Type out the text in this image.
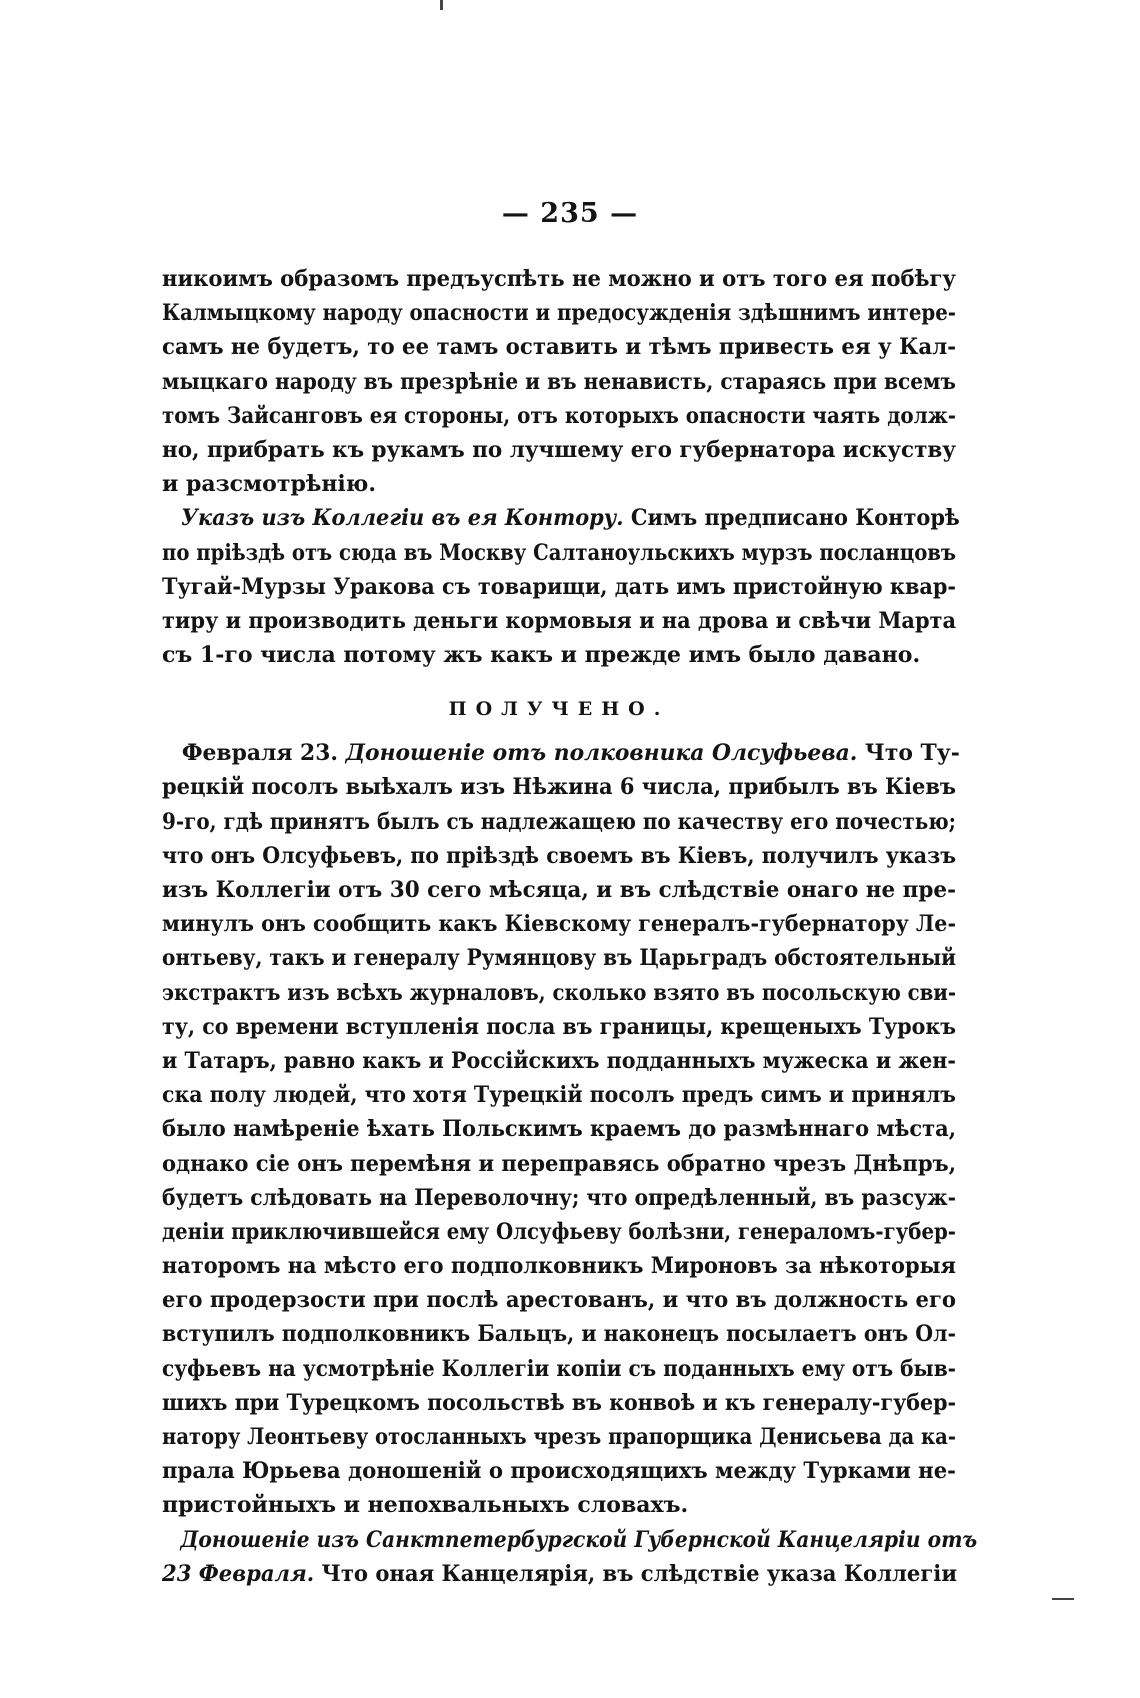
— 235 —
никоимъ образомъ предъуспѣть не можно и отъ того ея побѣгу
Калмыцкому народу опасности и предосужденія здѣшнимъ интере-
самъ не будетъ, то ее тамъ оставить и тѣмъ привесть ея у Кал-
мыцкаго народу въ презрѣніе и въ ненависть, стараясь при всемъ
томъ Зайсанговъ ея стороны, отъ которыхъ опасности чаять долж-
но, прибрать къ рукамъ по лучшему его губернатора искуству
и разсмотрѣнію.
Указъ изъ Коллегіи въ ея Контору. Симъ предписано Конторѣ
по пріѣздѣ отъ сюда въ Москву Салтаноульскихъ мурзъ посланцовъ
Тугай-Мурзы Уракова съ товарищи, дать имъ пристойную квар-
тиру и производить деньги кормовыя и на дрова и свѣчи Марта
съ 1-го числа потому жъ какъ и прежде имъ было давано.
ПОЛУЧЕНО.
Февраля 23. Доношеніе отъ полковника Олсуфьева. Что Ту-
рецкій посолъ выѣхалъ изъ Нѣжина 6 числа, прибылъ въ Кіевъ
9-го, гдѣ принятъ былъ съ надлежащею по качеству его почестью;
что онъ Олсуфьевъ, по пріѣздѣ своемъ въ Кіевъ, получилъ указъ
изъ Коллегіи отъ 30 сего мѣсяца, и въ слѣдствіе онаго не пре-
минулъ онъ сообщить какъ Кіевскому генералъ-губернатору Ле-
онтьеву, такъ и генералу Румянцову въ Царьградъ обстоятельный
экстрактъ изъ всѣхъ журналовъ, сколько взято въ посольскую сви-
ту, со времени вступленія посла въ границы, крещеныхъ Турокъ
и Татаръ, равно какъ и Россійскихъ подданныхъ мужеска и жен-
ска полу людей, что хотя Турецкій посолъ предъ симъ и принялъ
было намѣреніе ѣхать Польскимъ краемъ до размѣннаго мѣста,
однако сіе онъ перемѣня и переправясь обратно чрезъ Днѣпръ,
будетъ слѣдовать на Переволочну; что опредѣленный, въ разсуж-
деніи приключившейся ему Олсуфьеву болѣзни, генераломъ-губер-
наторомъ на мѣсто его подполковникъ Мироновъ за нѣкоторыя
его продерзости при послѣ арестованъ, и что въ должность его
вступилъ подполковникъ Бальцъ, и наконецъ посылаетъ онъ Ол-
суфьевъ на усмотрѣніе Коллегіи копіи съ поданныхъ ему отъ быв-
шихъ при Турецкомъ посольствѣ въ конвоѣ и къ генералу-губер-
натору Леонтьеву отосланныхъ чрезъ прапорщика Денисьева да ка-
прала Юрьева доношеній о происходящихъ между Турками не-
пристойныхъ и непохвальныхъ словахъ.
Доношеніе изъ Санктпетербургской Губернской Канцеляріи отъ
23 Февраля. Что оная Канцелярія, въ слѣдствіе указа Коллегіи
